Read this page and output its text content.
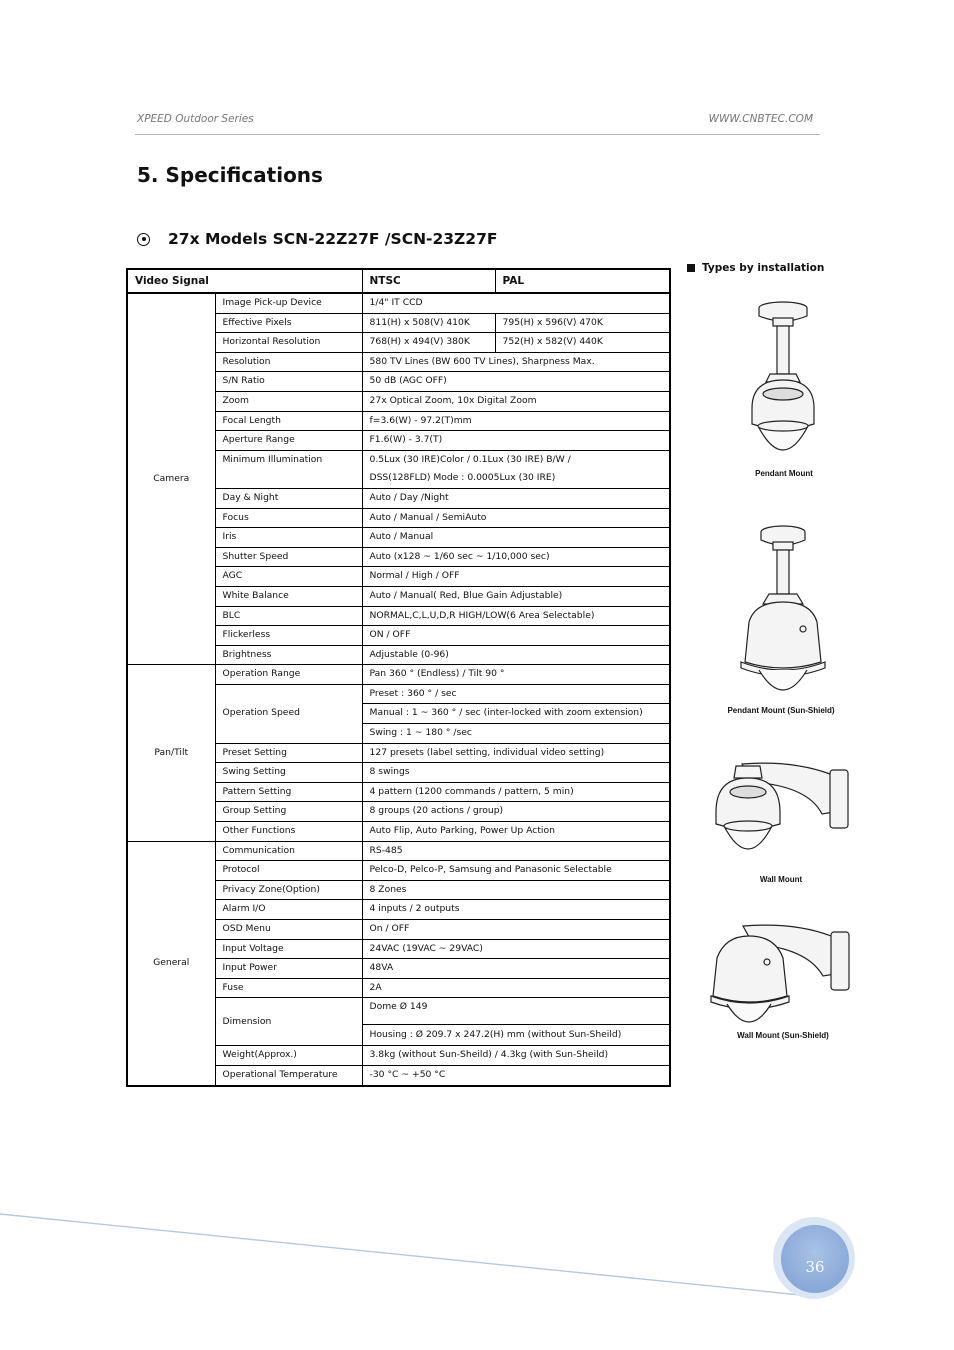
XPEED Outdoor Series	WWW.CNBTEC.COM
5. Specifications
27x Models SCN-22Z27F /SCN-23Z27F
Video Signal		NTSC	PAL
Camera	Image Pick-up Device	1/4" IT CCD	
	Effective Pixels	811(H) x 508(V) 410K	795(H) x 596(V) 470K
	Horizontal Resolution	768(H) x 494(V) 380K	752(H) x 582(V) 440K
	Resolution	580 TV Lines (BW 600 TV Lines), Sharpness Max.	
	S/N Ratio	50 dB (AGC OFF)	
	Zoom	27x Optical Zoom, 10x Digital Zoom	
	Focal Length	f=3.6(W) - 97.2(T)mm	
	Aperture Range	F1.6(W) - 3.7(T)	
	Minimum Illumination	0.5Lux (30 IRE)Color / 0.1Lux (30 IRE) B/W /	
		DSS(128FLD) Mode : 0.0005Lux (30 IRE)	
	Day & Night	Auto / Day /Night	
	Focus	Auto / Manual / SemiAuto	
	Iris	Auto / Manual	
	Shutter Speed	Auto (x128 ~ 1/60 sec ~ 1/10,000 sec)	
	AGC	Normal / High / OFF	
	White Balance	Auto / Manual( Red, Blue Gain Adjustable)	
	BLC	NORMAL,C,L,U,D,R HIGH/LOW(6 Area Selectable)	
	Flickerless	ON / OFF	
	Brightness	Adjustable (0-96)	
Pan/Tilt	Operation Range	Pan 360 ° (Endless) / Tilt 90 °	
	Operation Speed	Preset : 360 ° / sec	
		Manual : 1 ~ 360 ° / sec (inter-locked with zoom extension)	
		Swing : 1 ~ 180 ° /sec	
	Preset Setting	127 presets (label setting, individual video setting)	
	Swing Setting	8 swings	
	Pattern Setting	4 pattern (1200 commands / pattern, 5 min)	
	Group Setting	8 groups (20 actions / group)	
	Other Functions	Auto Flip, Auto Parking, Power Up Action	
General	Communication	RS-485	
	Protocol	Pelco-D, Pelco-P, Samsung and Panasonic Selectable	
	Privacy Zone(Option)	8 Zones	
	Alarm I/O	4 inputs / 2 outputs	
	OSD Menu	On / OFF	
	Input Voltage	24VAC (19VAC ~ 29VAC)	
	Input Power	48VA	
	Fuse	2A	
	Dimension	Dome Ø 149	
		Housing : Ø 209.7 x 247.2(H) mm (without Sun-Sheild)	
	Weight(Approx.)	3.8kg (without Sun-Sheild) / 4.3kg (with Sun-Sheild)	
	Operational Temperature	-30 °C ~ +50 °C	
Types by installation
Pendant Mount
Pendant Mount (Sun-Shield)
Wall Mount
Wall Mount (Sun-Shield)
36
